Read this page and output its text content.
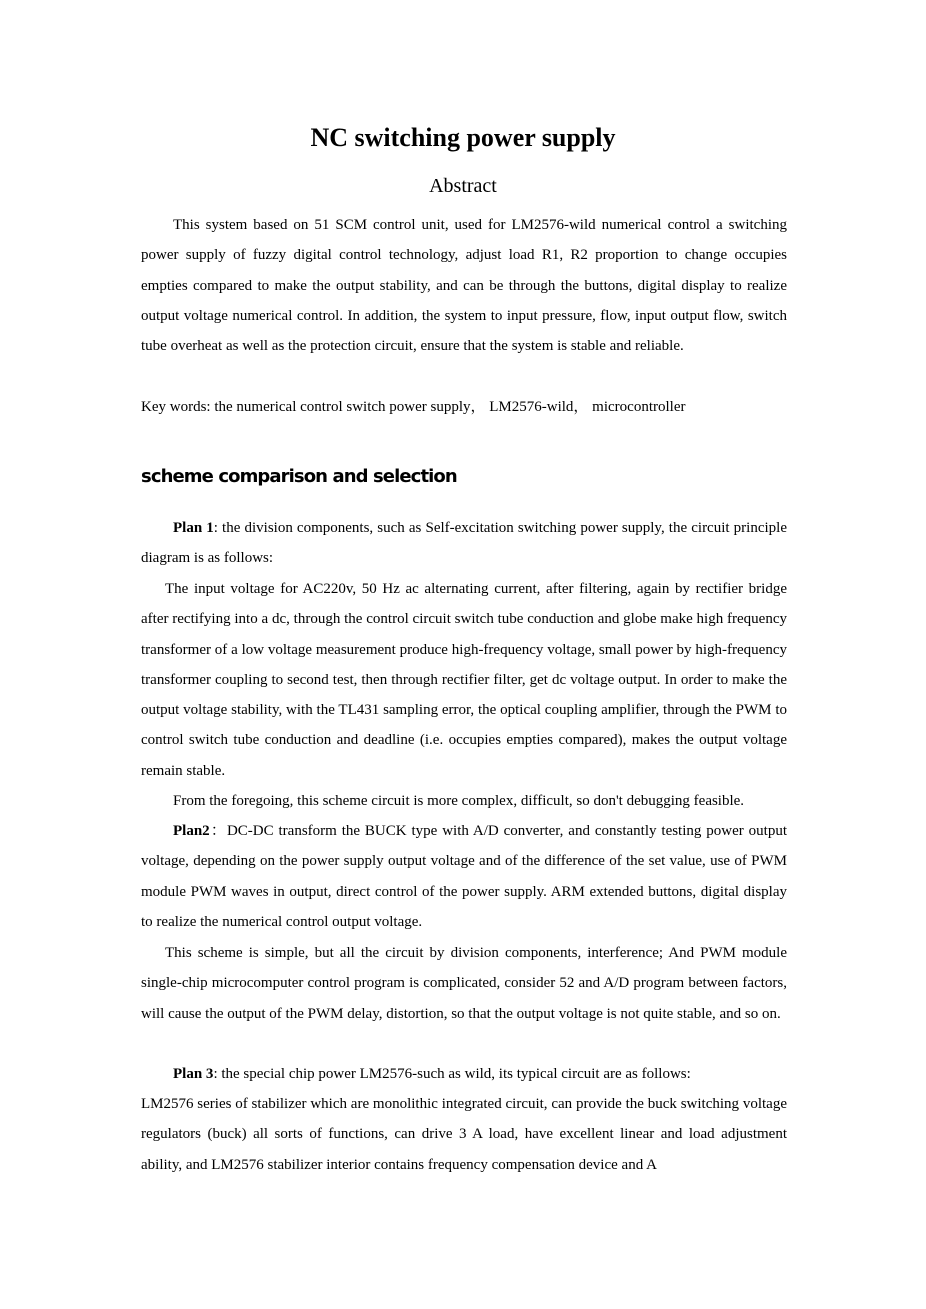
NC switching power supply
Abstract

This system based on 51 SCM control unit, used for LM2576-wild numerical control a switching power supply of fuzzy digital control technology, adjust load R1, R2 proportion to change occupies empties compared to make the output stability, and can be through the buttons, digital display to realize output voltage numerical control. In addition, the system to input pressure, flow, input output flow, switch tube overheat as well as the protection circuit, ensure that the system is stable and reliable.

Key words: the numerical control switch power supply， LM2576-wild， microcontroller

scheme comparison and selection

Plan 1: the division components, such as Self-excitation switching power supply, the circuit principle diagram is as follows:

The input voltage for AC220v, 50 Hz ac alternating current, after filtering, again by rectifier bridge after rectifying into a dc, through the control circuit switch tube conduction and globe make high frequency transformer of a low voltage measurement produce high-frequency voltage, small power by high-frequency transformer coupling to second test, then through rectifier filter, get dc voltage output. In order to make the output voltage stability, with the TL431 sampling error, the optical coupling amplifier, through the PWM to control switch tube conduction and deadline (i.e. occupies empties compared), makes the output voltage remain stable.

From the foregoing, this scheme circuit is more complex, difficult, so don't debugging feasible.

Plan2：DC-DC transform the BUCK type with A/D converter, and constantly testing power output voltage, depending on the power supply output voltage and of the difference of the set value, use of PWM module PWM waves in output, direct control of the power supply. ARM extended buttons, digital display to realize the numerical control output voltage.

This scheme is simple, but all the circuit by division components, interference; And PWM module single-chip microcomputer control program is complicated, consider 52 and A/D program between factors, will cause the output of the PWM delay, distortion, so that the output voltage is not quite stable, and so on.

Plan 3: the special chip power LM2576-such as wild, its typical circuit are as follows:

LM2576 series of stabilizer which are monolithic integrated circuit, can provide the buck switching voltage regulators (buck) all sorts of functions, can drive 3 A load, have excellent linear and load adjustment ability, and LM2576 stabilizer interior contains frequency compensation device and A
